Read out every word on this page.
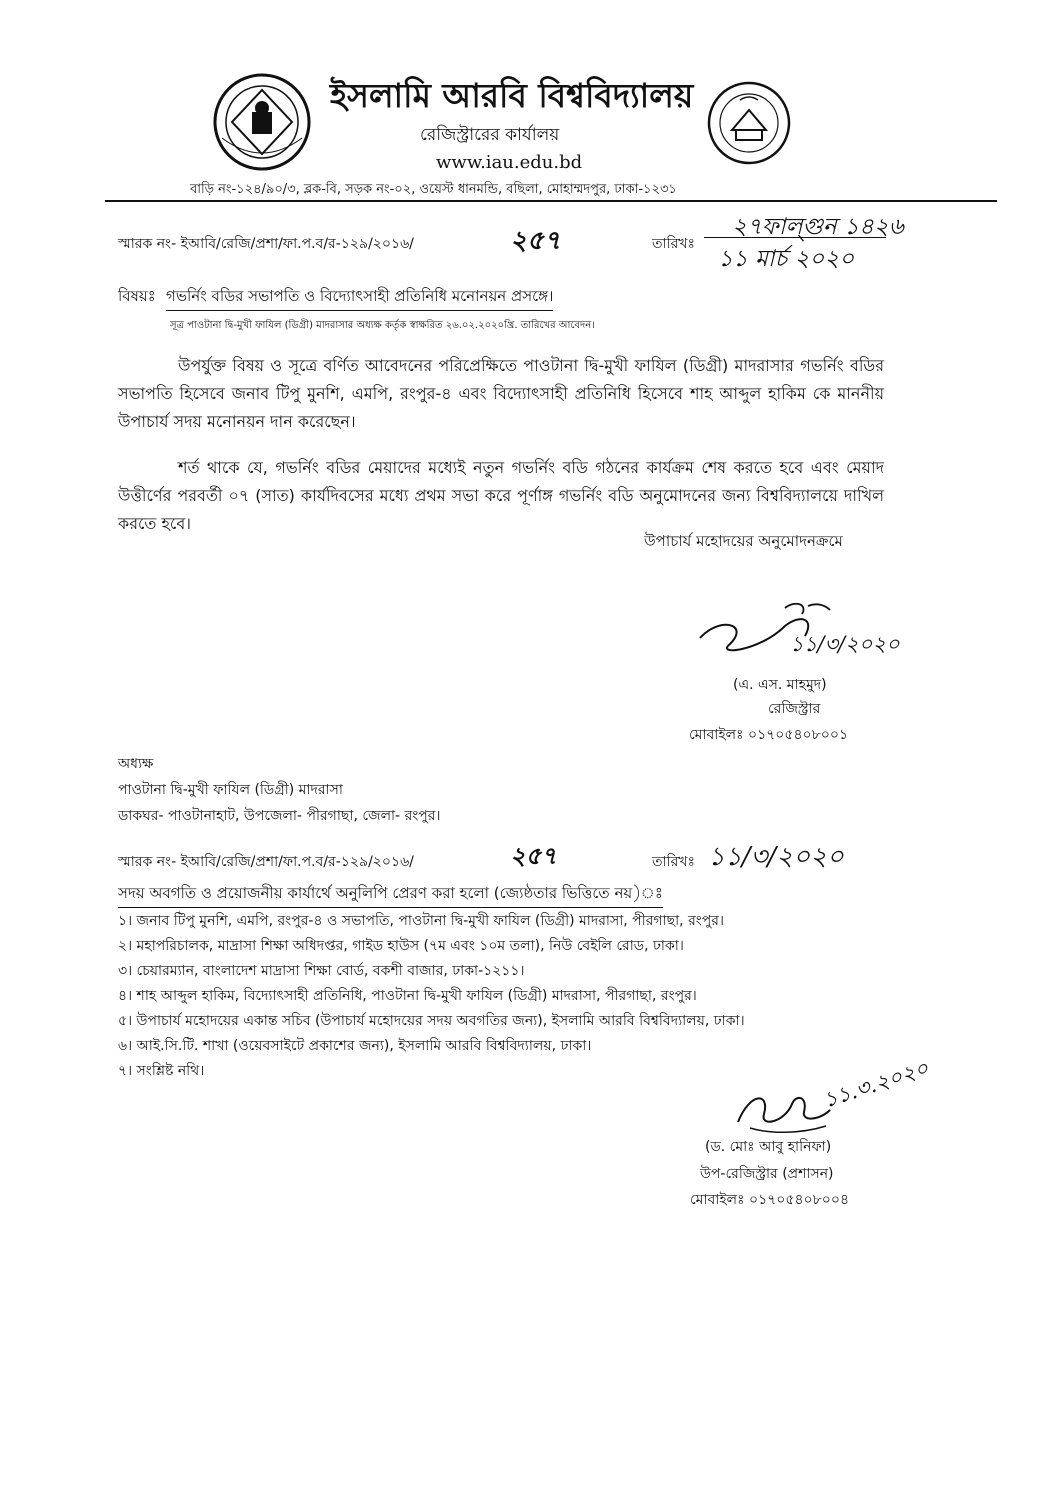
ইসলামি আরবি বিশ্ববিদ্যালয়
রেজিস্ট্রারের কার্যালয়
www.iau.edu.bd
বাড়ি নং-১২৪/৯০/৩, ব্লক-বি, সড়ক নং-০২, ওয়েস্ট ধানমন্ডি, বছিলা, মোহাম্মদপুর, ঢাকা-১২৩১
স্মারক নং- ইআবি/রেজি/প্রশা/ফা.প.ব/র-১২৯/২০১৬/	২৫৭	তারিখঃ
২৭ফাল্গুন ১৪২৬
১১ মার্চ ২০২০
বিষয়ঃ গভর্নিং বডির সভাপতি ও বিদ্যোৎসাহী প্রতিনিধি মনোনয়ন প্রসঙ্গে।
সূত্র পাওটানা দ্বি-মুখী ফাযিল (ডিগ্রী) মাদরাসার অধ্যক্ষ কর্তৃক স্বাক্ষরিত ২৬.০২.২০২০খ্রি. তারিখের আবেদন।
উপর্যুক্ত বিষয় ও সূত্রে বর্ণিত আবেদনের পরিপ্রেক্ষিতে পাওটানা দ্বি-মুখী ফাযিল (ডিগ্রী) মাদরাসার গভর্নিং বডির সভাপতি হিসেবে জনাব টিপু মুনশি, এমপি, রংপুর-৪ এবং বিদ্যোৎসাহী প্রতিনিধি হিসেবে শাহ আব্দুল হাকিম কে মাননীয় উপাচার্য সদয় মনোনয়ন দান করেছেন।
শর্ত থাকে যে, গভর্নিং বডির মেয়াদের মধ্যেই নতুন গভর্নিং বডি গঠনের কার্যক্রম শেষ করতে হবে এবং মেয়াদ উত্তীর্ণের পরবর্তী ০৭ (সাত) কার্যদিবসের মধ্যে প্রথম সভা করে পূর্ণাঙ্গ গভর্নিং বডি অনুমোদনের জন্য বিশ্ববিদ্যালয়ে দাখিল করতে হবে।
উপাচার্য মহোদয়ের অনুমোদনক্রমে
১১/৩/২০২০
(এ. এস. মাহমুদ)
রেজিস্ট্রার
মোবাইলঃ ০১৭০৫৪০৮০০১
অধ্যক্ষ
পাওটানা দ্বি-মুখী ফাযিল (ডিগ্রী) মাদরাসা
ডাকঘর- পাওটানাহাট, উপজেলা- পীরগাছা, জেলা- রংপুর।
স্মারক নং- ইআবি/রেজি/প্রশা/ফা.প.ব/র-১২৯/২০১৬/	২৫৭	তারিখঃ ১১/৩/২০২০
সদয় অবগতি ও প্রয়োজনীয় কার্যার্থে অনুলিপি প্রেরণ করা হলো (জ্যেষ্ঠতার ভিত্তিতে নয়)ঃ
১। জনাব টিপু মুনশি, এমপি, রংপুর-৪ ও সভাপতি, পাওটানা দ্বি-মুখী ফাযিল (ডিগ্রী) মাদরাসা, পীরগাছা, রংপুর।
২। মহাপরিচালক, মাদ্রাসা শিক্ষা অধিদপ্তর, গাইড হাউস (৭ম এবং ১০ম তলা), নিউ বেইলি রোড, ঢাকা।
৩। চেয়ারম্যান, বাংলাদেশ মাদ্রাসা শিক্ষা বোর্ড, বকশী বাজার, ঢাকা-১২১১।
৪। শাহ আব্দুল হাকিম, বিদ্যোৎসাহী প্রতিনিধি, পাওটানা দ্বি-মুখী ফাযিল (ডিগ্রী) মাদরাসা, পীরগাছা, রংপুর।
৫। উপাচার্য মহোদয়ের একান্ত সচিব (উপাচার্য মহোদয়ের সদয় অবগতির জন্য), ইসলামি আরবি বিশ্ববিদ্যালয়, ঢাকা।
৬। আই.সি.টি. শাখা (ওয়েবসাইটে প্রকাশের জন্য), ইসলামি আরবি বিশ্ববিদ্যালয়, ঢাকা।
৭। সংশ্লিষ্ট নথি।	১১.৩.২০২০
(ড. মোঃ আবু হানিফা)
উপ-রেজিস্ট্রার (প্রশাসন)
মোবাইলঃ ০১৭০৫৪০৮০০৪
